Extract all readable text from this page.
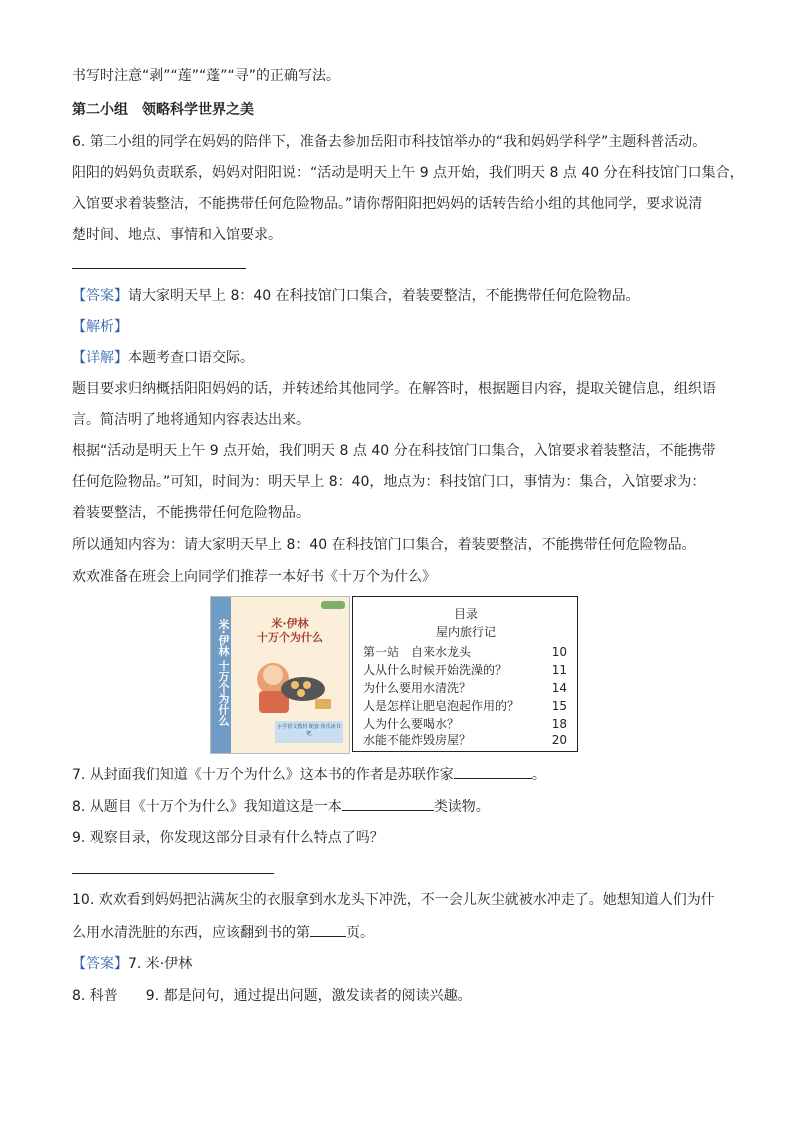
书写时注意“剥”“莲”“蓬”“寻”的正确写法。
第二小组　领略科学世界之美
6. 第二小组的同学在妈妈的陪伴下，准备去参加岳阳市科技馆举办的“我和妈妈学科学”主题科普活动。
阳阳的妈妈负责联系，妈妈对阳阳说：“活动是明天上午 9 点开始，我们明天 8 点 40 分在科技馆门口集合，
入馆要求着装整洁，不能携带任何危险物品。”请你帮阳阳把妈妈的话转告给小组的其他同学，要求说清
楚时间、地点、事情和入馆要求。
【答案】请大家明天早上 8：40 在科技馆门口集合，着装要整洁，不能携带任何危险物品。
【解析】
【详解】本题考查口语交际。
题目要求归纳概括阳阳妈妈的话，并转述给其他同学。在解答时，根据题目内容，提取关键信息，组织语
言。简洁明了地将通知内容表达出来。
根据“活动是明天上午 9 点开始，我们明天 8 点 40 分在科技馆门口集合，入馆要求着装整洁，不能携带
任何危险物品。”可知，时间为：明天早上 8：40，地点为：科技馆门口，事情为：集合，入馆要求为：
着装要整洁，不能携带任何危险物品。
所以通知内容为：请大家明天早上 8：40 在科技馆门口集合，着装要整洁，不能携带任何危险物品。
欢欢准备在班会上向同学们推荐一本好书《十万个为什么》
米·伊林 十万个为什么	米·伊林
十万个为什么
小学语文教材 配套 快乐读书吧
目录
屋内旅行记
第一站　自来水龙头	10
人从什么时候开始洗澡的？	11
为什么要用水清洗？	14
人是怎样让肥皂泡起作用的？	15
人为什么要喝水？	18
水能不能炸毁房屋？	20
7. 从封面我们知道《十万个为什么》这本书的作者是苏联作家	。
8. 从题目《十万个为什么》我知道这是一本	类读物。
9. 观察目录，你发现这部分目录有什么特点了吗？
10. 欢欢看到妈妈把沾满灰尘的衣服拿到水龙头下冲洗，不一会儿灰尘就被水冲走了。她想知道人们为什
么用水清洗脏的东西，应该翻到书的第	页。
【答案】7. 米·伊林
8. 科普　　9. 都是问句，通过提出问题，激发读者的阅读兴趣。
